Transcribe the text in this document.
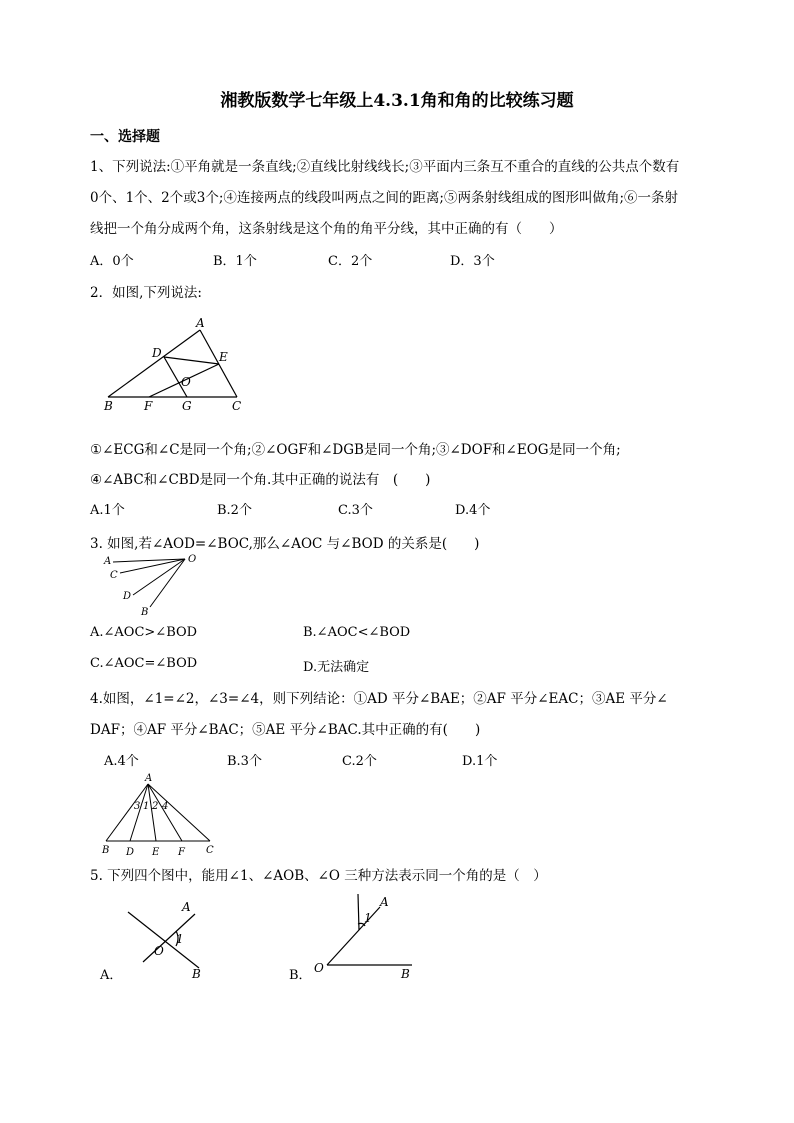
湘教版数学七年级上4.3.1角和角的比较练习题
一、选择题
1、下列说法:①平角就是一条直线;②直线比射线线长;③平面内三条互不重合的直线的公共点个数有
0个、1个、2个或3个;④连接两点的线段叫两点之间的距离;⑤两条射线组成的图形叫做角;⑥一条射
线把一个角分成两个角，这条射线是这个角的角平分线，其中正确的有（　　）
A．0个	B．1个	C．2个	D．3个
2．如图,下列说法:
A
D	E
O
B	F G	C
①∠ECG和∠C是同一个角;②∠OGF和∠DGB是同一个角;③∠DOF和∠EOG是同一个角;
④∠ABC和∠CBD是同一个角.其中正确的说法有　(　　)
A.1个	B.2个	C.3个	D.4个
3. 如图,若∠AOD=∠BOC,那么∠AOC 与∠BOD 的关系是(　　)
A
C
D
B
O
A.∠AOC>∠BOD	B.∠AOC<∠BOD
C.∠AOC=∠BOD	D.无法确定
4.如图，∠1=∠2，∠3=∠4，则下列结论：①AD 平分∠BAE；②AF 平分∠EAC；③AE 平分∠
DAF；④AF 平分∠BAC；⑤AE 平分∠BAC.其中正确的有(　　)
A.4个	B.3个	C.2个	D.1个
A
3 1 2 4
B D E F C
5. 下列四个图中，能用∠1、∠AOB、∠O 三种方法表示同一个角的是（　）
A．
A
1
O
B	B．
A
1
O	B
